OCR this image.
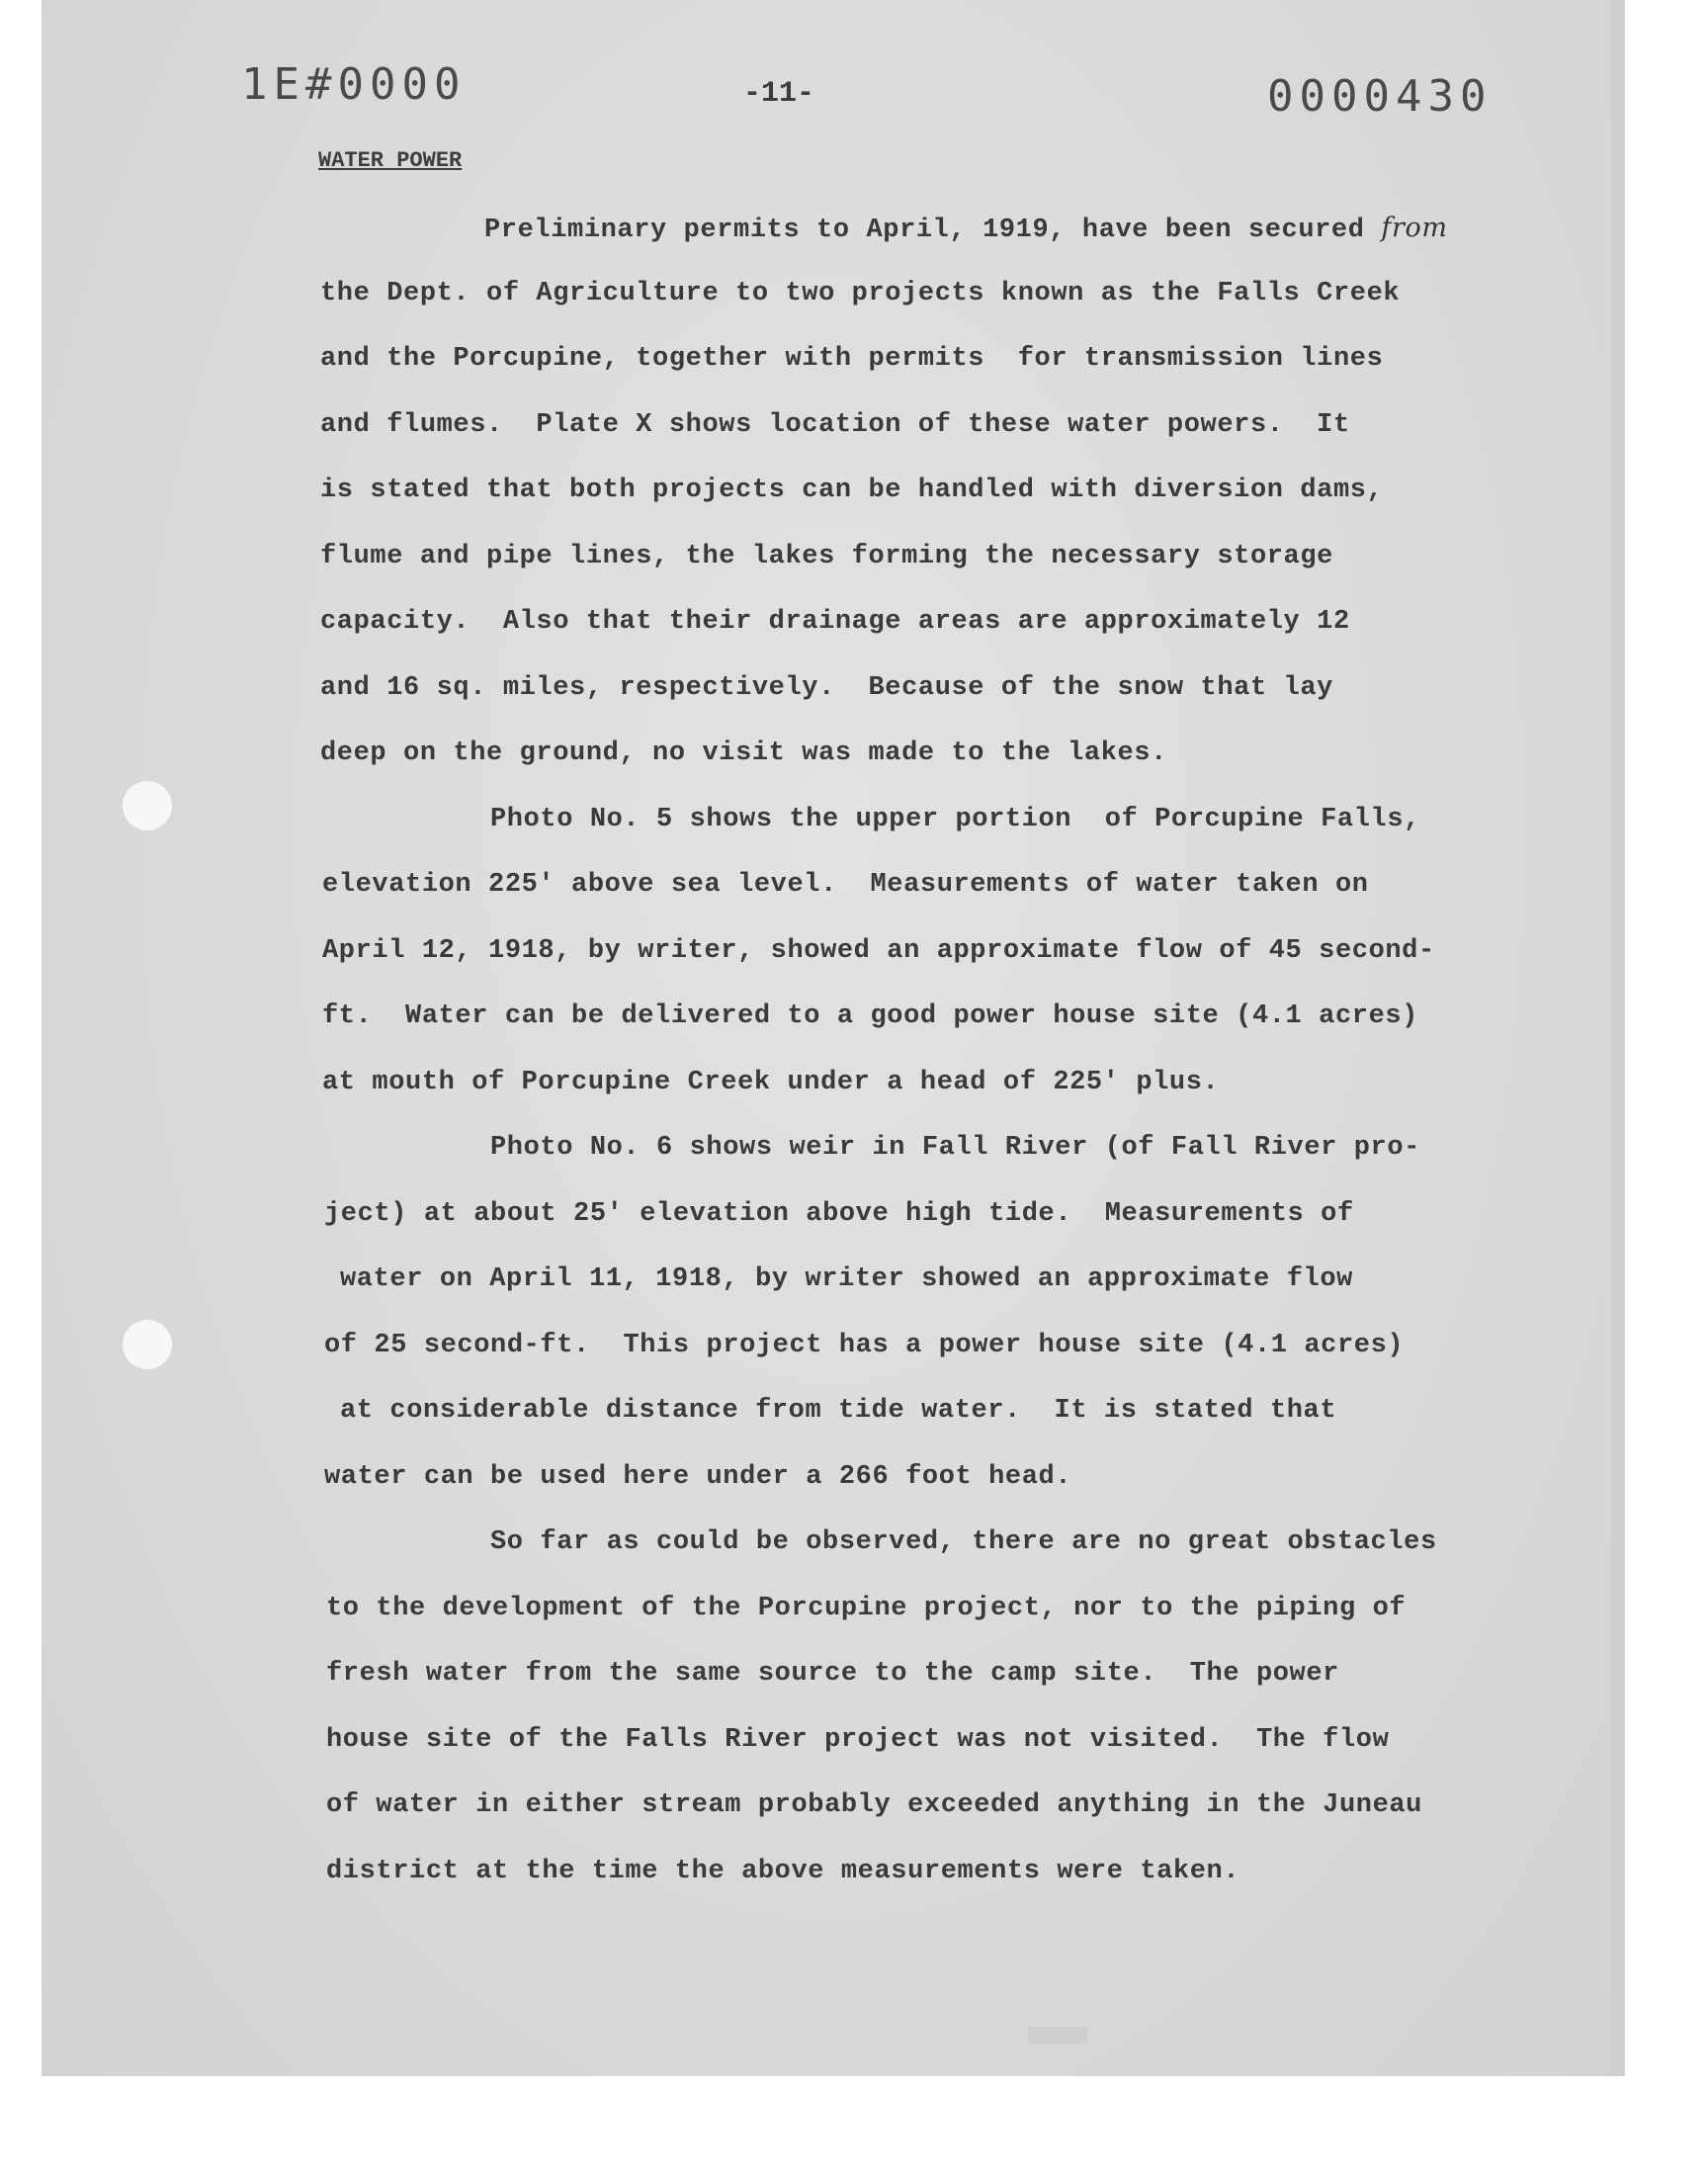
1E#0000	0000430
-11-
WATER POWER
Preliminary permits to April, 1919, have been secured from
the Dept. of Agriculture to two projects known as the Falls Creek
and the Porcupine, together with permits  for transmission lines
and flumes.  Plate X shows location of these water powers.  It
is stated that both projects can be handled with diversion dams,
flume and pipe lines, the lakes forming the necessary storage
capacity.  Also that their drainage areas are approximately 12
and 16 sq. miles, respectively.  Because of the snow that lay
deep on the ground, no visit was made to the lakes.
Photo No. 5 shows the upper portion  of Porcupine Falls,
elevation 225' above sea level.  Measurements of water taken on
April 12, 1918, by writer, showed an approximate flow of 45 second-
ft.  Water can be delivered to a good power house site (4.1 acres)
at mouth of Porcupine Creek under a head of 225' plus.
Photo No. 6 shows weir in Fall River (of Fall River pro-
ject) at about 25' elevation above high tide.  Measurements of
water on April 11, 1918, by writer showed an approximate flow
of 25 second-ft.  This project has a power house site (4.1 acres)
at considerable distance from tide water.  It is stated that
water can be used here under a 266 foot head.
So far as could be observed, there are no great obstacles
to the development of the Porcupine project, nor to the piping of
fresh water from the same source to the camp site.  The power
house site of the Falls River project was not visited.  The flow
of water in either stream probably exceeded anything in the Juneau
district at the time the above measurements were taken.
